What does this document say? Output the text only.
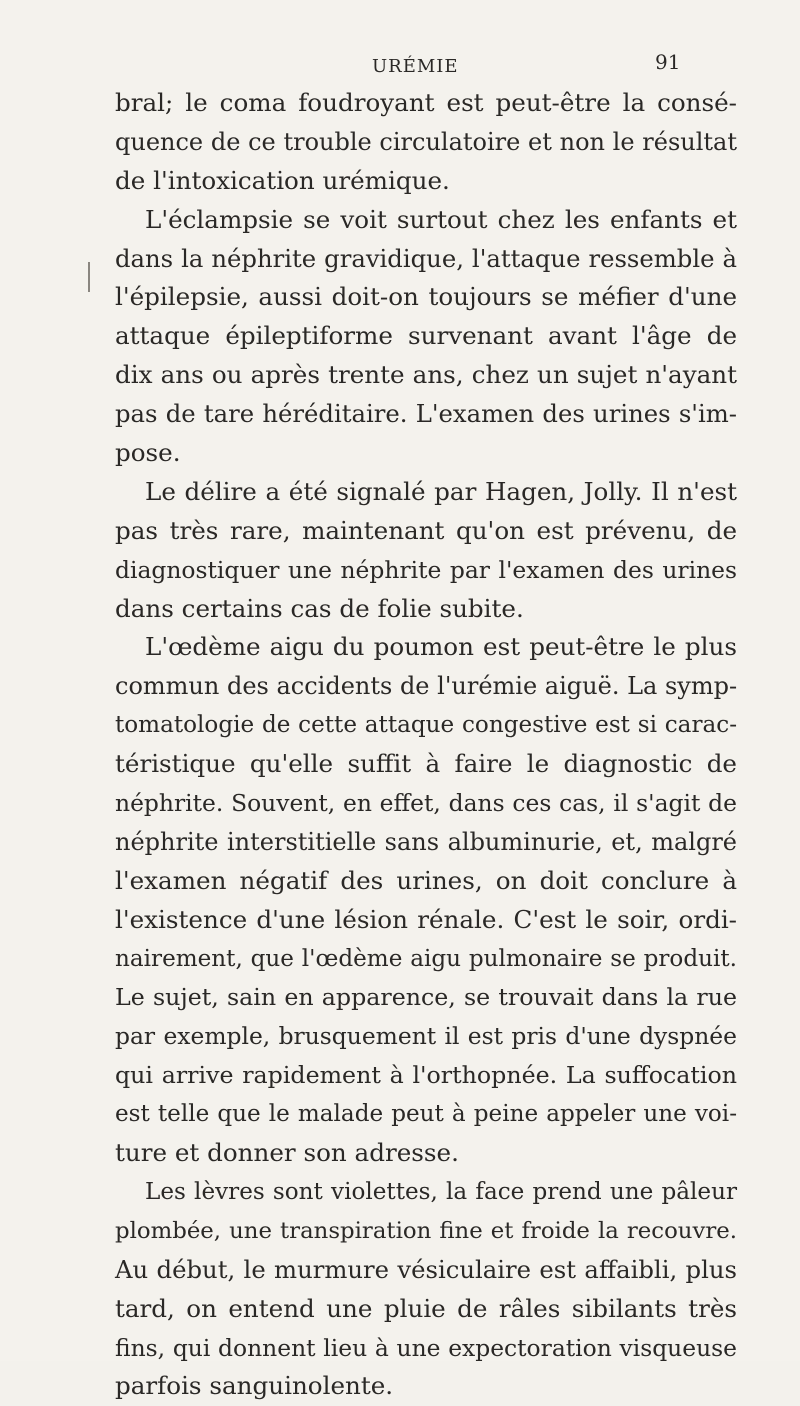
URÉMIE	91
bral; le coma foudroyant est peut-être la consé-
quence de ce trouble circulatoire et non le résultat
de l'intoxication urémique.
L'éclampsie se voit surtout chez les enfants et
dans la néphrite gravidique, l'attaque ressemble à
l'épilepsie, aussi doit-on toujours se méfier d'une
attaque épileptiforme survenant avant l'âge de
dix ans ou après trente ans, chez un sujet n'ayant
pas de tare héréditaire. L'examen des urines s'im-
pose.
Le délire a été signalé par Hagen, Jolly. Il n'est
pas très rare, maintenant qu'on est prévenu, de
diagnostiquer une néphrite par l'examen des urines
dans certains cas de folie subite.
L'œdème aigu du poumon est peut-être le plus
commun des accidents de l'urémie aiguë. La symp-
tomatologie de cette attaque congestive est si carac-
téristique qu'elle suffit à faire le diagnostic de
néphrite. Souvent, en effet, dans ces cas, il s'agit de
néphrite interstitielle sans albuminurie, et, malgré
l'examen négatif des urines, on doit conclure à
l'existence d'une lésion rénale. C'est le soir, ordi-
nairement, que l'œdème aigu pulmonaire se produit.
Le sujet, sain en apparence, se trouvait dans la rue
par exemple, brusquement il est pris d'une dyspnée
qui arrive rapidement à l'orthopnée. La suffocation
est telle que le malade peut à peine appeler une voi-
ture et donner son adresse.
Les lèvres sont violettes, la face prend une pâleur
plombée, une transpiration fine et froide la recouvre.
Au début, le murmure vésiculaire est affaibli, plus
tard, on entend une pluie de râles sibilants très
fins, qui donnent lieu à une expectoration visqueuse
parfois sanguinolente.
